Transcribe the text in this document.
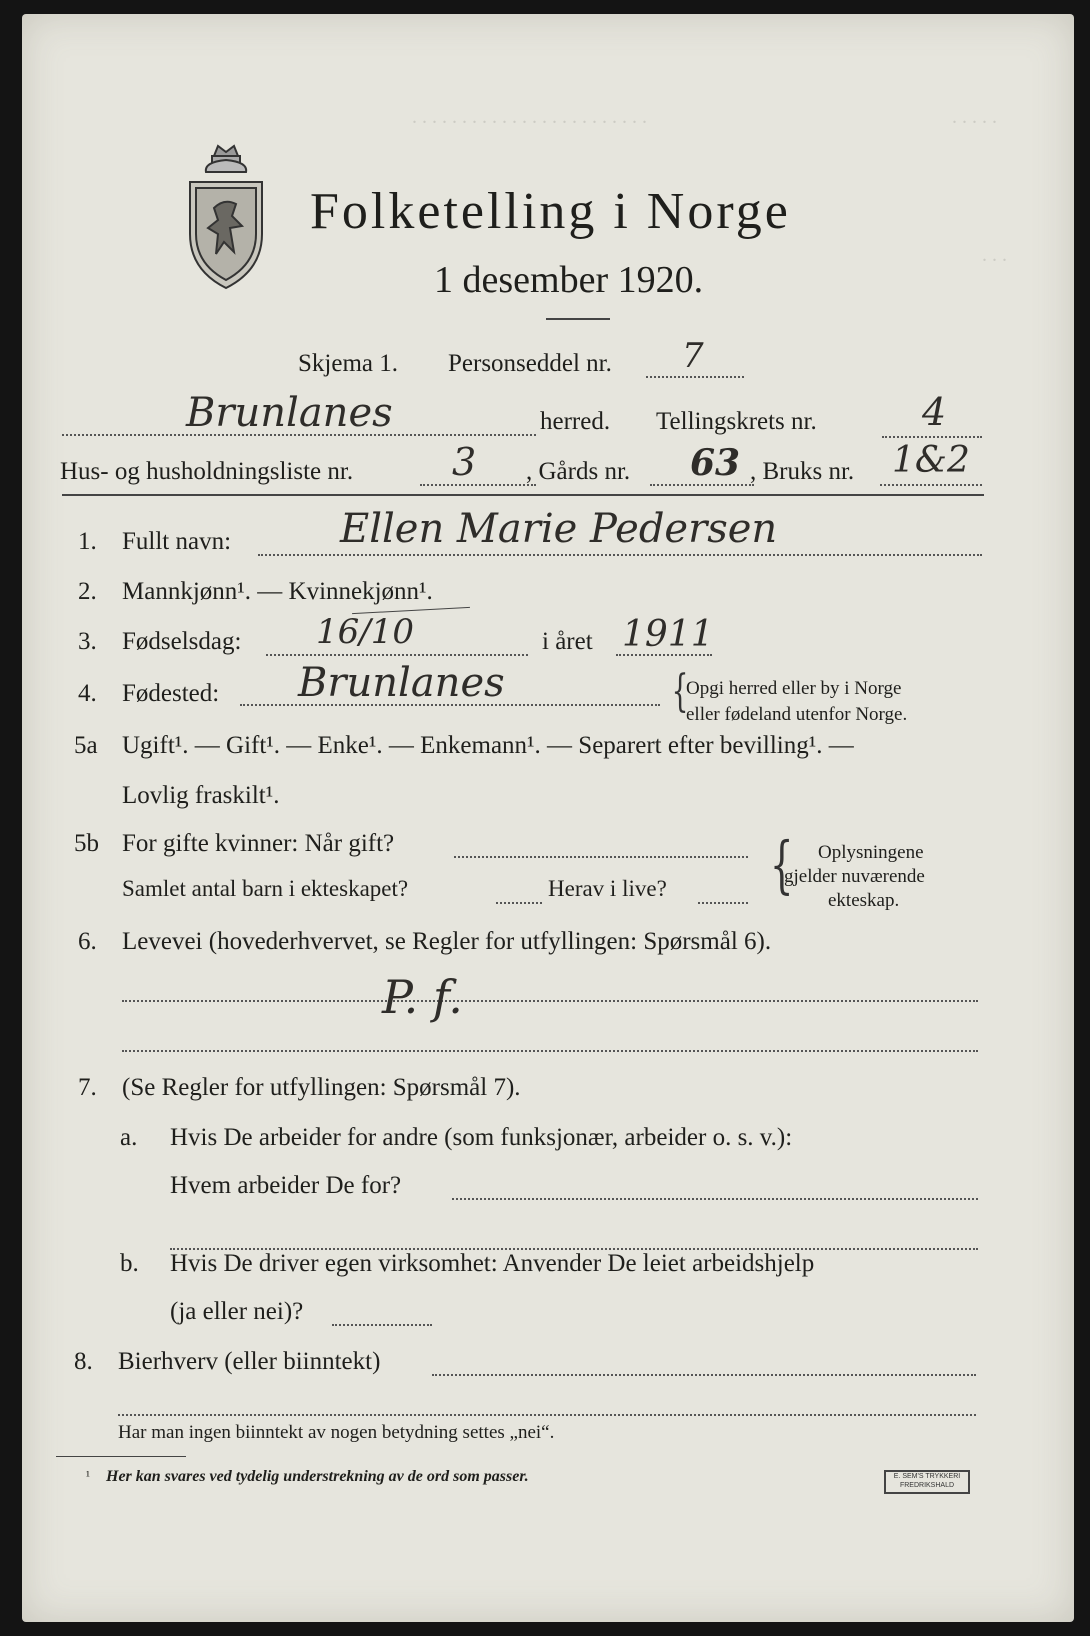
. . . . . . . . . . . . . . . . . . . . . . . .	. . . . .
. . .
Folketelling i Norge
1 desember 1920.
Skjema 1. Personseddel nr. 7
Brunlanes	herred. Tellingskrets nr.	4
Hus- og husholdningsliste nr.	3 , Gårds nr. 63 , Bruks nr. 1&2
1. Fullt navn:	Ellen Marie Pedersen
2. Mannkjønn¹. — Kvinnekjønn¹.
3. Fødselsdag: 16/10	i året 1911
4. Fødested: Brunlanes	{
Opgi herred eller by i Norge
eller fødeland utenfor Norge.
5a Ugift¹. — Gift¹. — Enke¹. — Enkemann¹. — Separert efter bevilling¹. —
Lovlig fraskilt¹.
5b For gifte kvinner: Når gift?
Samlet antal barn i ekteskapet?	Herav i live? { Oplysningene
gjelder nuværende
ekteskap.
6. Levevei (hovederhvervet, se Regler for utfyllingen: Spørsmål 6).
P. f.
7. (Se Regler for utfyllingen: Spørsmål 7).
a. Hvis De arbeider for andre (som funksjonær, arbeider o. s. v.):
Hvem arbeider De for?
b. Hvis De driver egen virksomhet: Anvender De leiet arbeidshjelp
(ja eller nei)?
8. Bierhverv (eller biinntekt)
Har man ingen biinntekt av nogen betydning settes „nei“.
¹ Her kan svares ved tydelig understrekning av de ord som passer.	E. SEM'S TRYKKERI
FREDRIKSHALD
